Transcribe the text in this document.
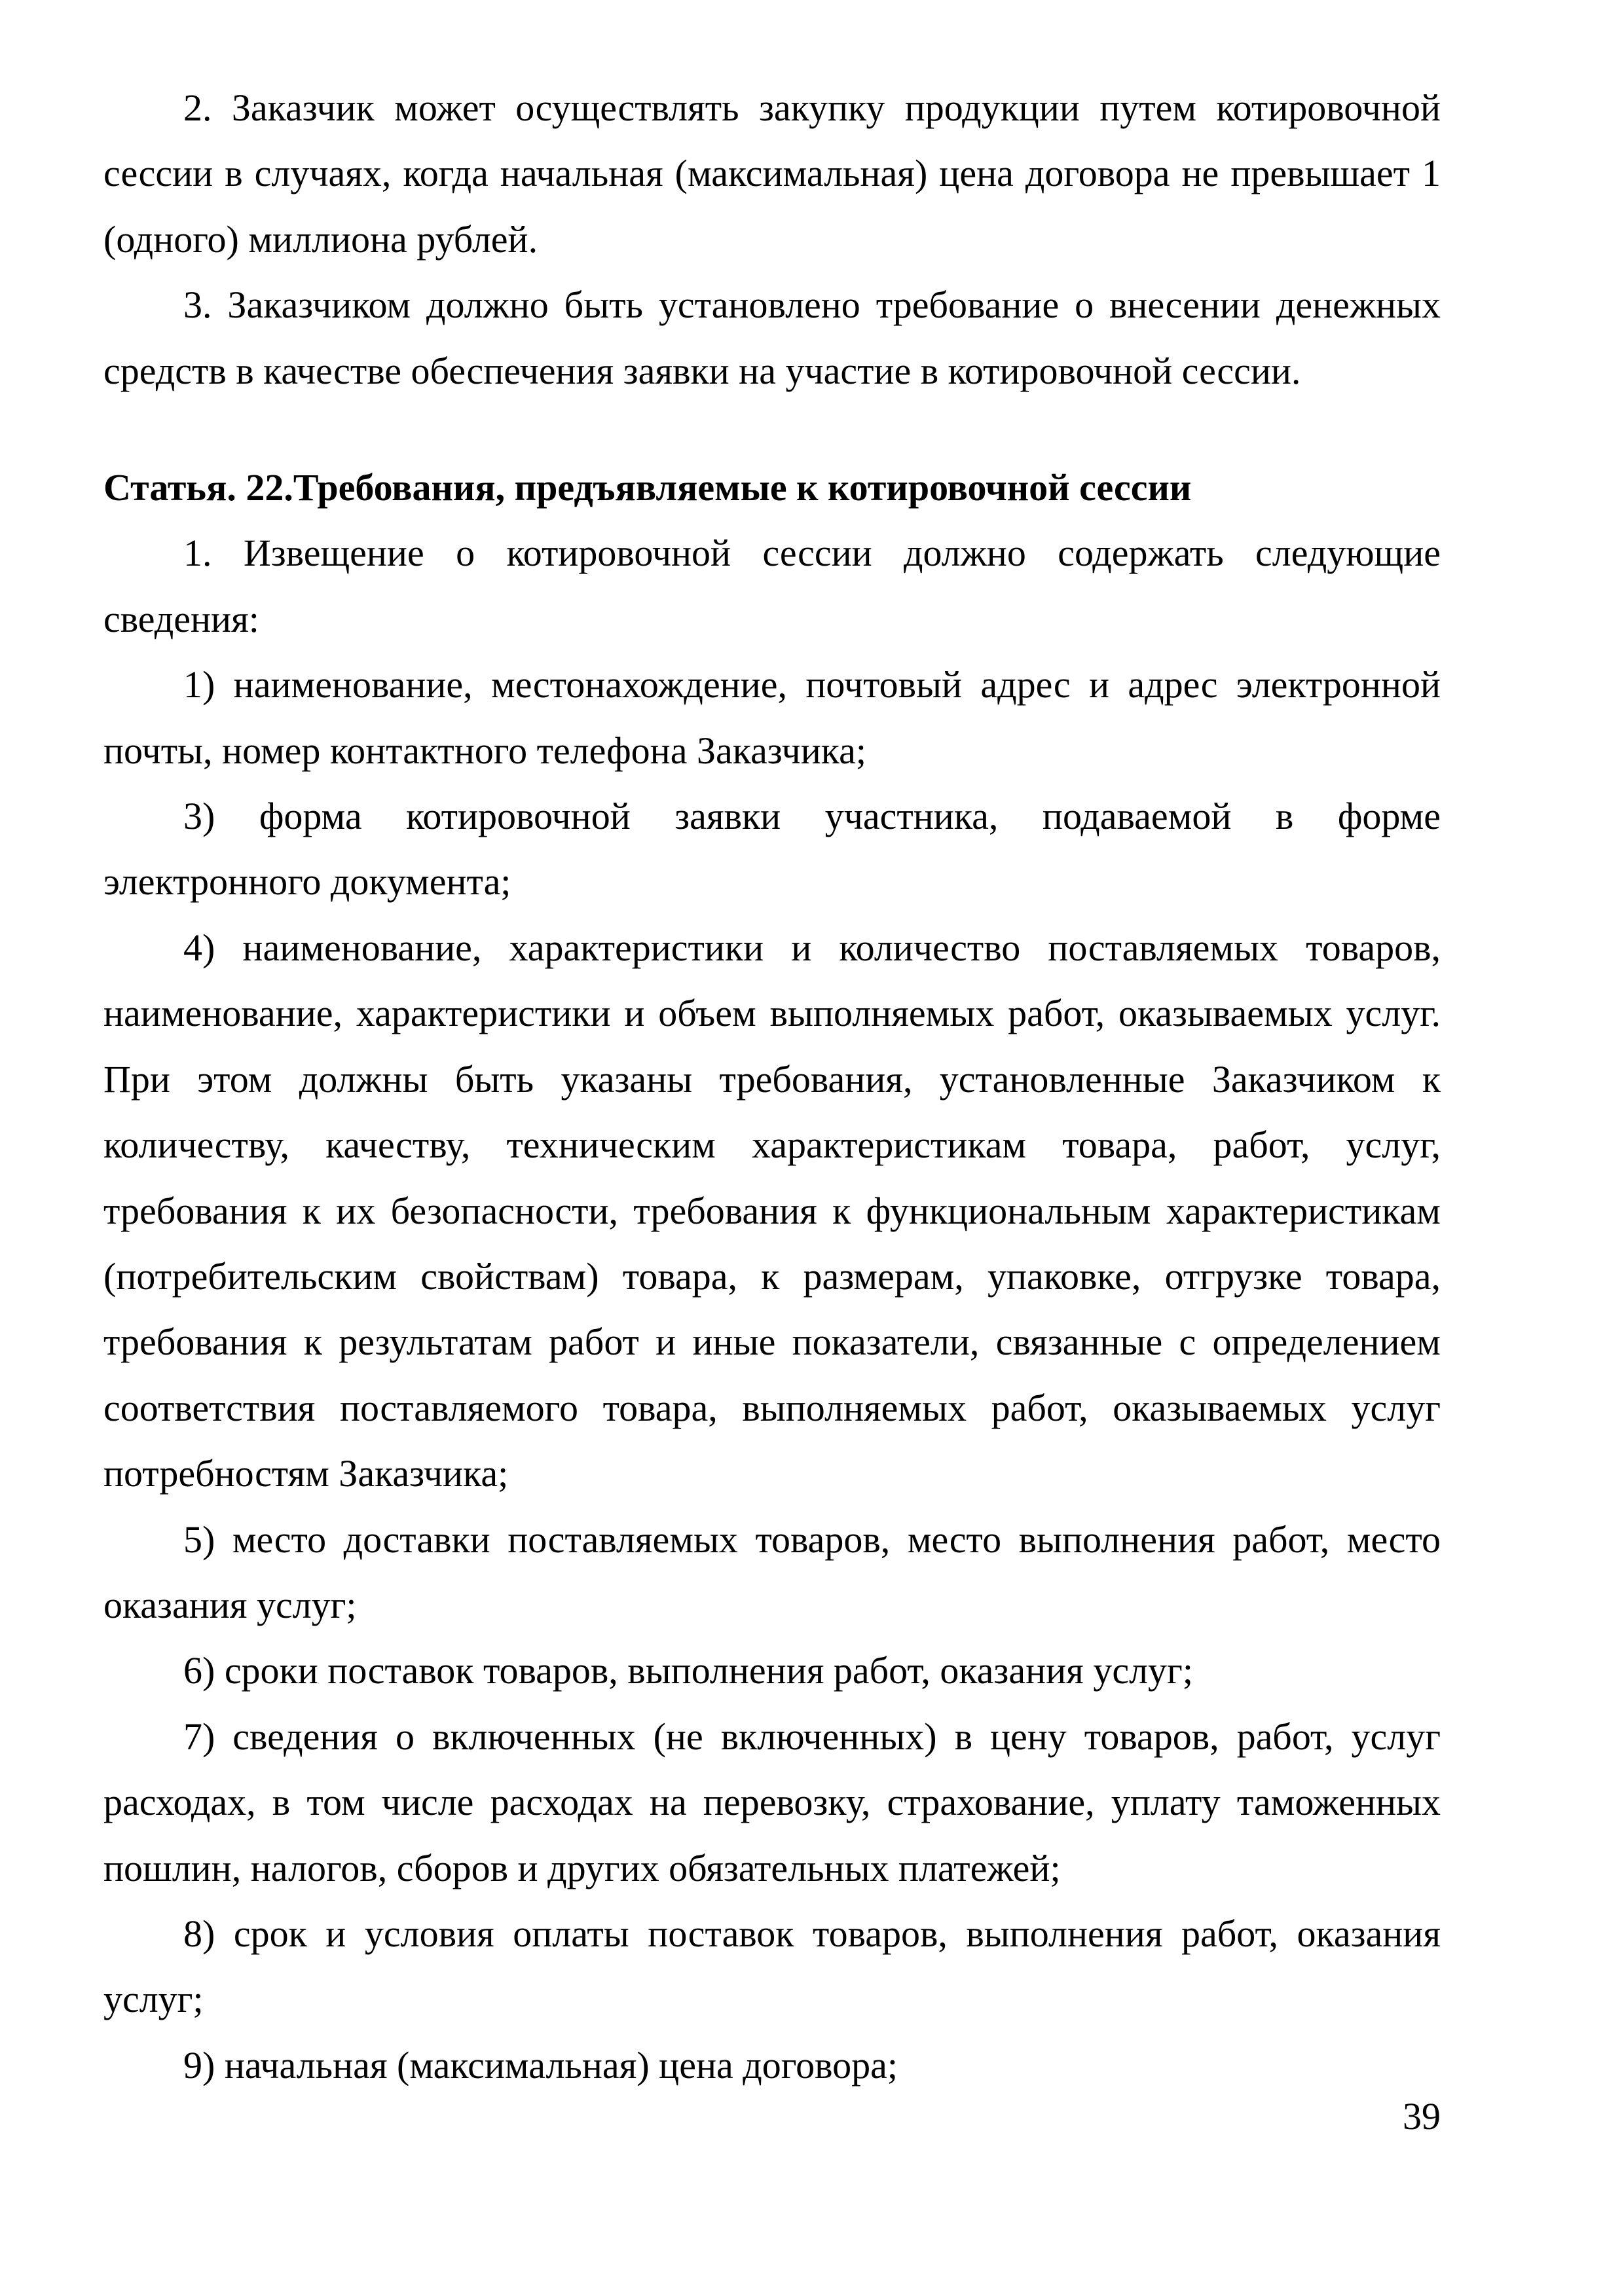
2. Заказчик может осуществлять закупку продукции путем котировочной
сессии в случаях, когда начальная (максимальная) цена договора не превышает 1
(одного) миллиона рублей.
3. Заказчиком должно быть установлено требование о внесении денежных
средств в качестве обеспечения заявки на участие в котировочной сессии.
Статья. 22.Требования, предъявляемые к котировочной сессии
1. Извещение о котировочной сессии должно содержать следующие
сведения:
1) наименование, местонахождение, почтовый адрес и адрес электронной
почты, номер контактного телефона Заказчика;
3) форма котировочной заявки участника, подаваемой в форме
электронного документа;
4) наименование, характеристики и количество поставляемых товаров,
наименование, характеристики и объем выполняемых работ, оказываемых услуг.
При этом должны быть указаны требования, установленные Заказчиком к
количеству, качеству, техническим характеристикам товара, работ, услуг,
требования к их безопасности, требования к функциональным характеристикам
(потребительским свойствам) товара, к размерам, упаковке, отгрузке товара,
требования к результатам работ и иные показатели, связанные с определением
соответствия поставляемого товара, выполняемых работ, оказываемых услуг
потребностям Заказчика;
5) место доставки поставляемых товаров, место выполнения работ, место
оказания услуг;
6) сроки поставок товаров, выполнения работ, оказания услуг;
7) сведения о включенных (не включенных) в цену товаров, работ, услуг
расходах, в том числе расходах на перевозку, страхование, уплату таможенных
пошлин, налогов, сборов и других обязательных платежей;
8) срок и условия оплаты поставок товаров, выполнения работ, оказания
услуг;
9) начальная (максимальная) цена договора;
39
